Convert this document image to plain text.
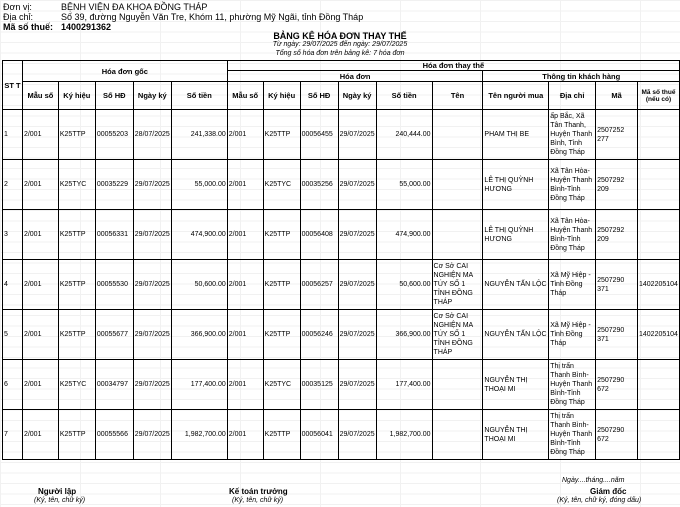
Đơn vị:	BỆNH VIỆN ĐA KHOA ĐỒNG THÁP
Địa chỉ:	Số 39, đường Nguyễn Văn Tre, Khóm 11, phường Mỹ Ngãi, tỉnh Đồng Tháp
Mã số thuế: 1400291362
BẢNG KÊ HÓA ĐƠN THAY THẾ
Từ ngày: 29/07/2025 đến ngày: 29/07/2025
Tổng số hóa đơn trên bảng kê: 7 hóa đơn
ST T	Hóa đơn gốc					Hóa đơn thay thế									
						Hóa đơn						Thông tin khách hàng			
	Mẫu số	Ký hiệu	Số HĐ	Ngày ký	Số tiền	Mẫu số	Ký hiệu	Số HĐ	Ngày ký	Số tiền	Tên	Tên người mua	Địa chỉ	Mã	Mã số thuế (nếu có)
1	2/001	K25TTP	00055203	28/07/2025	241,338.00	2/001	K25TTP	00056455	29/07/2025	240,444.00		PHAM THỊ BE	ấp Bắc, Xã Tân Thanh, Huyện Thanh Bình, Tỉnh Đồng Tháp	2507252 277	
2	2/001	K25TYC	00035229	29/07/2025	55,000.00	2/001	K25TYC	00035256	29/07/2025	55,000.00		LÊ THỊ QUỲNH HƯƠNG	Xã Tân Hòa-Huyện Thanh Bình-Tỉnh Đồng Tháp	2507292 209	
3	2/001	K25TTP	00056331	29/07/2025	474,900.00	2/001	K25TTP	00056408	29/07/2025	474,900.00		LÊ THỊ QUỲNH HƯƠNG	Xã Tân Hòa-Huyện Thanh Bình-Tỉnh Đồng Tháp	2507292 209	
4	2/001	K25TTP	00055530	29/07/2025	50,600.00	2/001	K25TTP	00056257	29/07/2025	50,600.00	Cơ Sở CAI NGHIỆN MA TÚY SỐ 1 TỈNH ĐỒNG THÁP	NGUYỄN TẤN LỘC	Xã Mỹ Hiệp -Tỉnh Đồng Tháp	2507290 371	1402205104
5	2/001	K25TTP	00055677	29/07/2025	366,900.00	2/001	K25TTP	00056246	29/07/2025	366,900.00	Cơ Sở CAI NGHIỆN MA TÚY SỐ 1 TỈNH ĐỒNG THÁP	NGUYỄN TẤN LỘC	Xã Mỹ Hiệp -Tỉnh Đồng Tháp	2507290 371	1402205104
6	2/001	K25TYC	00034797	29/07/2025	177,400.00	2/001	K25TYC	00035125	29/07/2025	177,400.00		NGUYỄN THỊ THOẠI MI	Thị trấn Thanh Bình-Huyện Thanh Bình-Tỉnh Đồng Tháp	2507290 672	
7	2/001	K25TTP	00055566	29/07/2025	1,982,700.00	2/001	K25TTP	00056041	29/07/2025	1,982,700.00		NGUYỄN THỊ THOẠI MI	Thị trấn Thanh Bình-Huyện Thanh Bình-Tỉnh Đồng Tháp	2507290 672	
Ngày....tháng....năm
Người lập
(Ký, tên, chữ ký)
Kế toán trưởng
(Ký, tên, chữ ký)
Giám đốc
(Ký, tên, chữ ký, đóng dấu)
